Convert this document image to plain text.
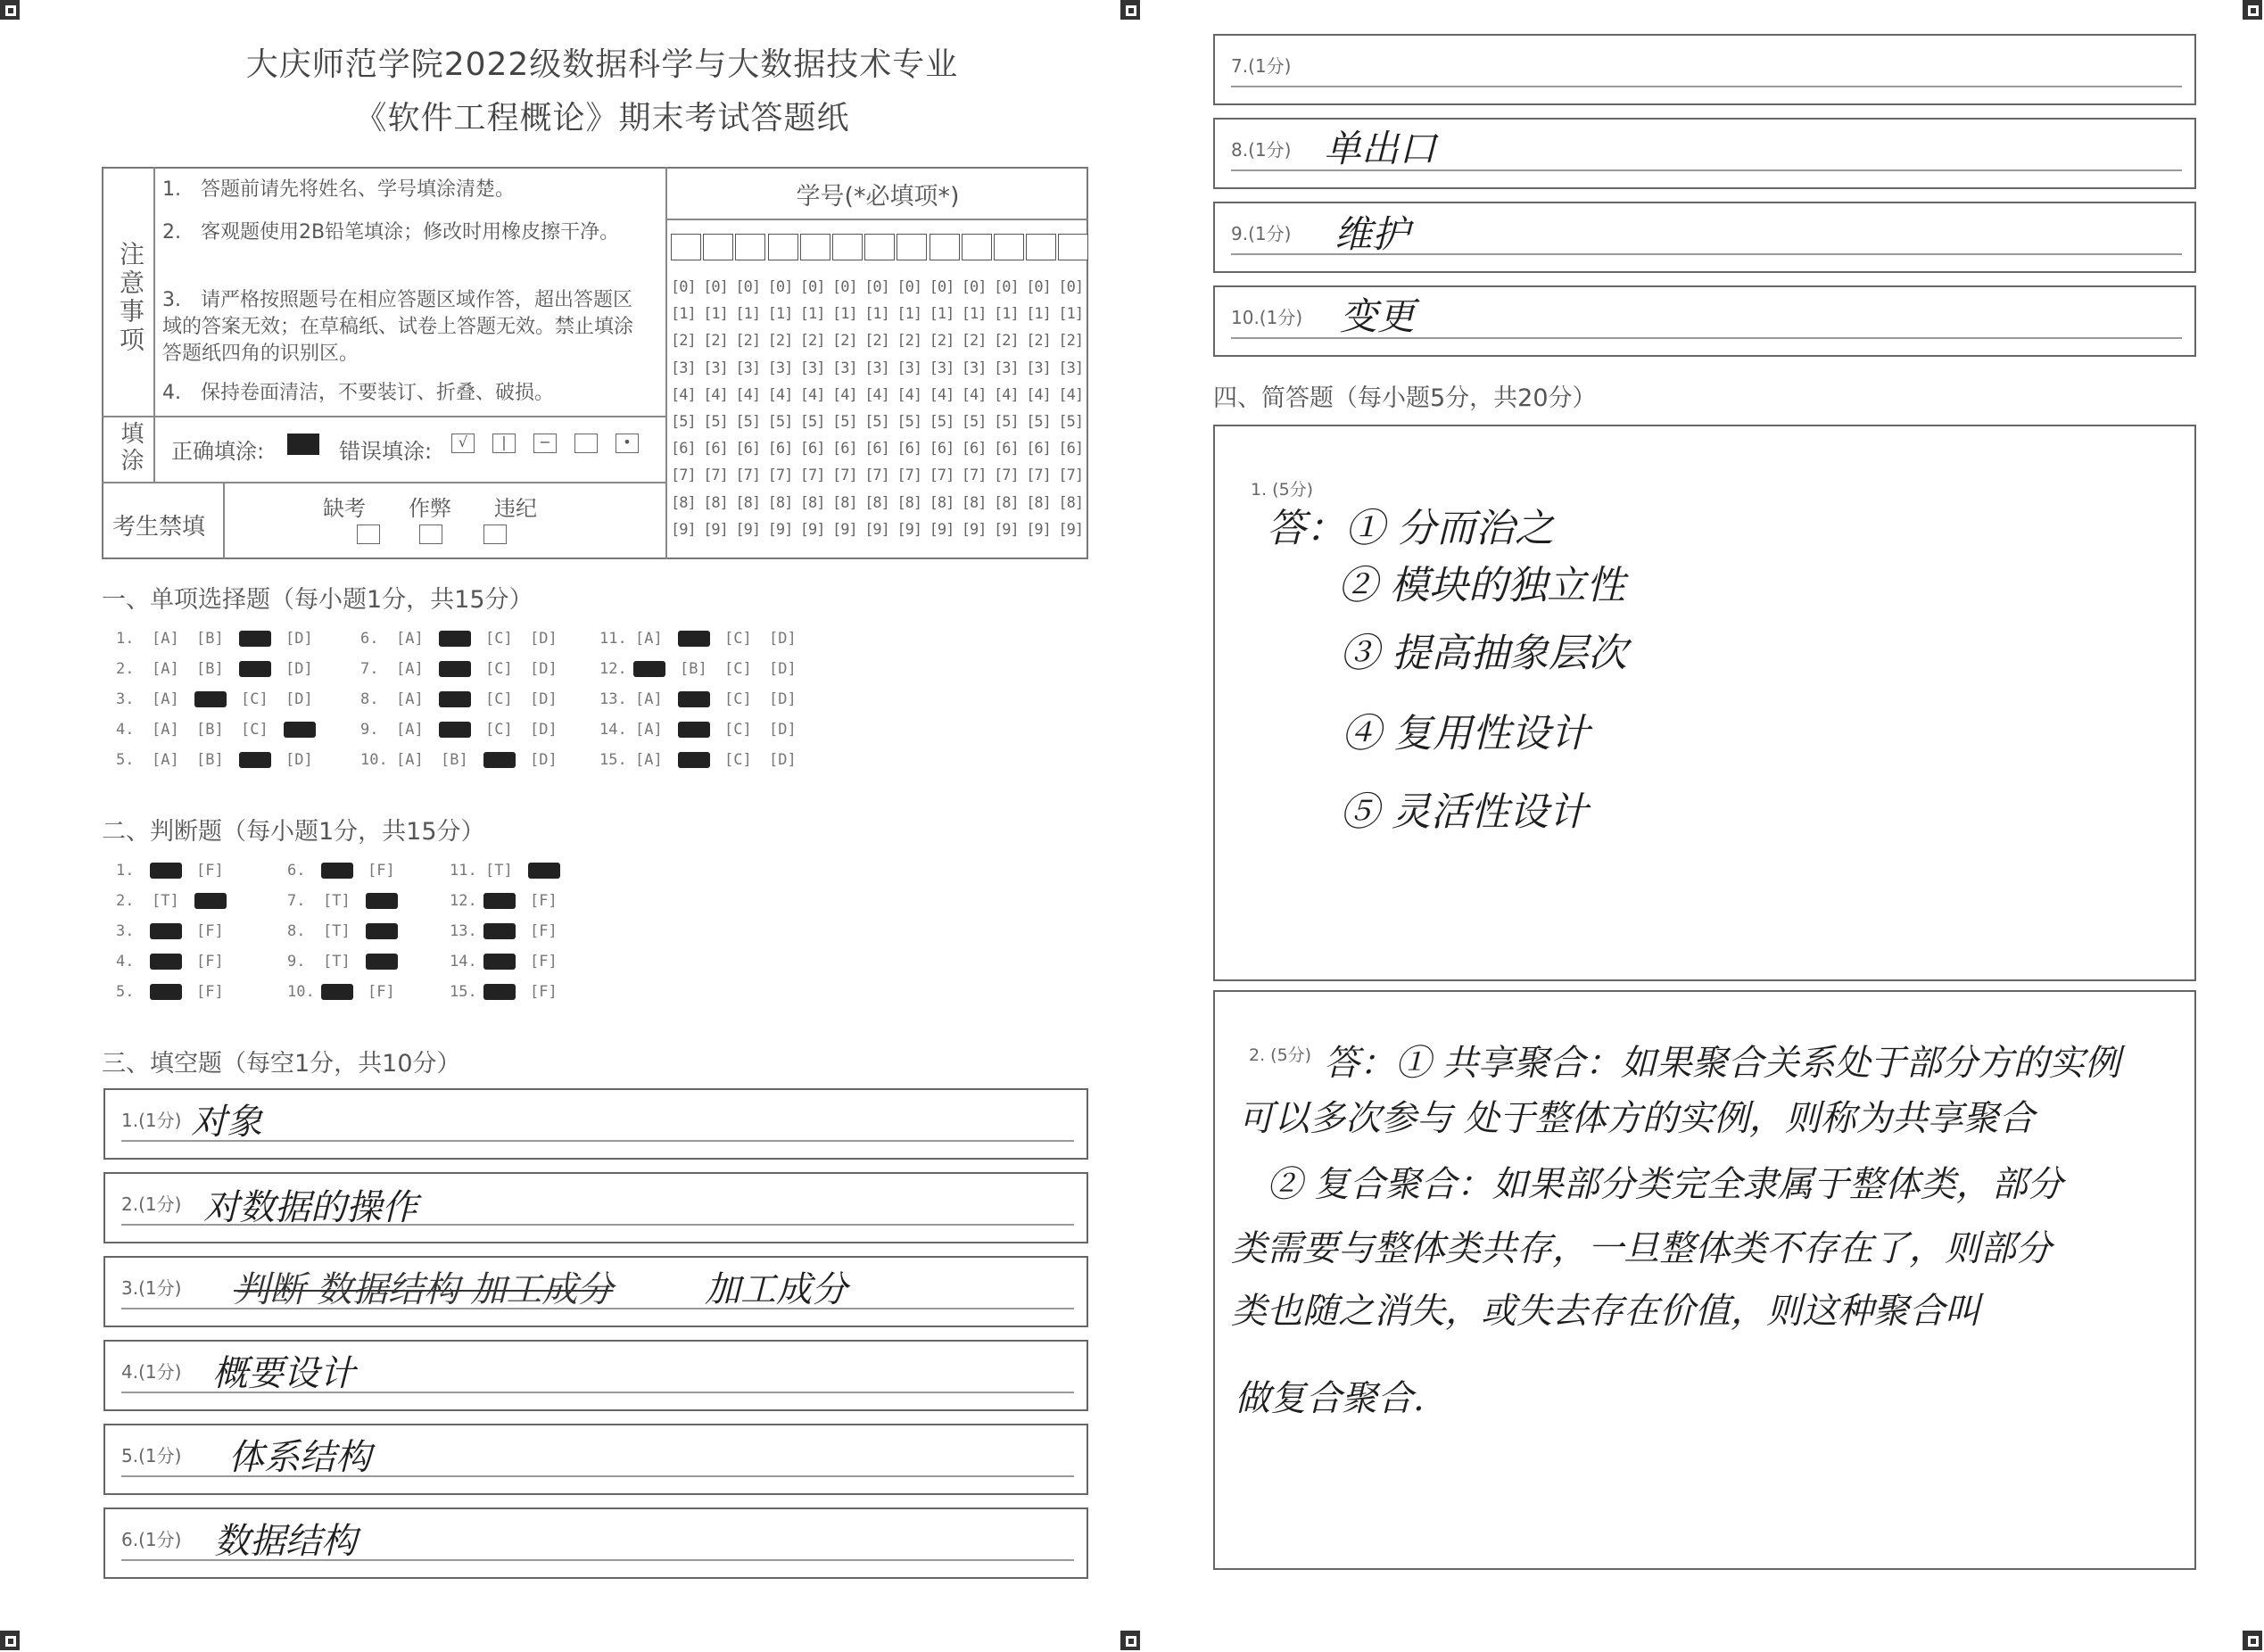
大庆师范学院2022级数据科学与大数据技术专业
《软件工程概论》期末考试答题纸
注意事项
1.　答题前请先将姓名、学号填涂清楚。
2.　客观题使用2B铅笔填涂；修改时用橡皮擦干净。
3.　请严格按照题号在相应答题区域作答，超出答题区域的答案无效；在草稿纸、试卷上答题无效。禁止填涂答题纸四角的识别区。
4.　保持卷面清洁，不要装订、折叠、破损。
填涂 正确填涂:	错误填涂:	√	|	−	•
考生禁填
缺考 作弊 违纪
学号(*必填项*)
[0] [0] [0] [0] [0] [0] [0] [0] [0] [0] [0] [0] [0]
[1] [1] [1] [1] [1] [1] [1] [1] [1] [1] [1] [1] [1]
[2] [2] [2] [2] [2] [2] [2] [2] [2] [2] [2] [2] [2]
[3] [3] [3] [3] [3] [3] [3] [3] [3] [3] [3] [3] [3]
[4] [4] [4] [4] [4] [4] [4] [4] [4] [4] [4] [4] [4]
[5] [5] [5] [5] [5] [5] [5] [5] [5] [5] [5] [5] [5]
[6] [6] [6] [6] [6] [6] [6] [6] [6] [6] [6] [6] [6]
[7] [7] [7] [7] [7] [7] [7] [7] [7] [7] [7] [7] [7]
[8] [8] [8] [8] [8] [8] [8] [8] [8] [8] [8] [8] [8]
[9] [9] [9] [9] [9] [9] [9] [9] [9] [9] [9] [9] [9]
一、单项选择题（每小题1分，共15分）
1. [A] [B]	[D]
2. [A] [B]	[D]
3. [A]	[C] [D]
4. [A] [B] [C]
5. [A] [B]	[D]
6. [A]	[C] [D]
7. [A]	[C] [D]
8. [A]	[C] [D]
9. [A]	[C] [D]
10. [A] [B]	[D]
11. [A]	[C] [D]
12.	[B] [C] [D]
13. [A]	[C] [D]
14. [A]	[C] [D]
15. [A]	[C] [D]
二、判断题（每小题1分，共15分）
1.	[F]
2. [T]
3.	[F]
4.	[F]
5.	[F]
6.	[F]
7. [T]
8. [T]
9. [T]
10.	[F]
11. [T]
12.	[F]
13.	[F]
14.	[F]
15.	[F]
三、填空题（每空1分，共10分）
1.(1分) 对象
2.(1分) 对数据的操作
3.(1分) 判断 数据结构 加工成分	加工成分
4.(1分) 概要设计
5.(1分) 体系结构
6.(1分) 数据结构
7.(1分)
8.(1分) 单出口
9.(1分) 维护
10.(1分) 变更
四、简答题（每小题5分，共20分）
1. (5分)
答：① 分而治之
② 模块的独立性
③ 提高抽象层次
④ 复用性设计
⑤ 灵活性设计
2. (5分) 答：① 共享聚合：如果聚合关系处于部分方的实例
可以多次参与 处于整体方的实例，则称为共享聚合
② 复合聚合：如果部分类完全隶属于整体类，部分
类需要与整体类共存，一旦整体类不存在了，则部分
类也随之消失，或失去存在价值，则这种聚合叫
做复合聚合.
